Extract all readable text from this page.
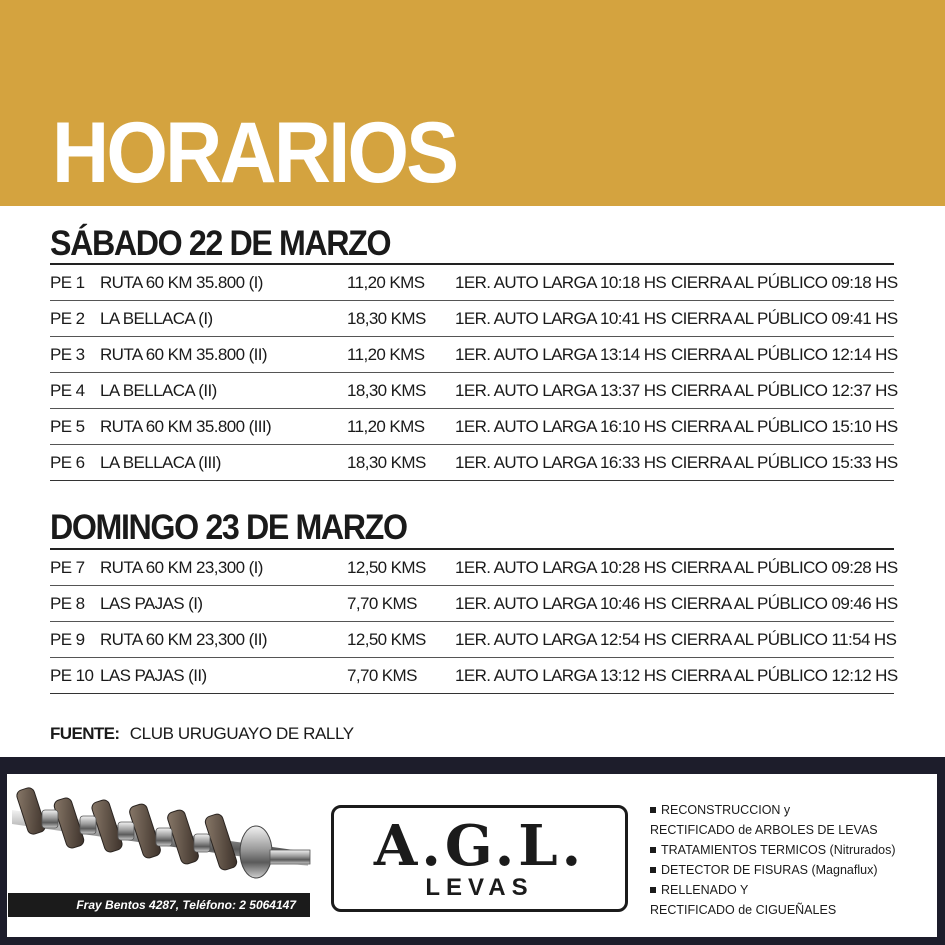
HORARIOS
SÁBADO 22 DE MARZO
PE 1 RUTA 60 KM 35.800 (I)	11,20 KMS 1ER. AUTO LARGA 10:18 HS CIERRA AL PÚBLICO 09:18 HS
PE 2 LA BELLACA (I)	18,30 KMS 1ER. AUTO LARGA 10:41 HS CIERRA AL PÚBLICO 09:41 HS
PE 3 RUTA 60 KM 35.800 (II)	11,20 KMS 1ER. AUTO LARGA 13:14 HS CIERRA AL PÚBLICO 12:14 HS
PE 4 LA BELLACA (II)	18,30 KMS 1ER. AUTO LARGA 13:37 HS CIERRA AL PÚBLICO 12:37 HS
PE 5 RUTA 60 KM 35.800 (III)	11,20 KMS 1ER. AUTO LARGA 16:10 HS CIERRA AL PÚBLICO 15:10 HS
PE 6 LA BELLACA (III)	18,30 KMS 1ER. AUTO LARGA 16:33 HS CIERRA AL PÚBLICO 15:33 HS
DOMINGO 23 DE MARZO
PE 7 RUTA 60 KM 23,300 (I)	12,50 KMS 1ER. AUTO LARGA 10:28 HS CIERRA AL PÚBLICO 09:28 HS
PE 8 LAS PAJAS (I)	7,70 KMS 1ER. AUTO LARGA 10:46 HS CIERRA AL PÚBLICO 09:46 HS
PE 9 RUTA 60 KM 23,300 (II)	12,50 KMS 1ER. AUTO LARGA 12:54 HS CIERRA AL PÚBLICO 11:54 HS
PE 10 LAS PAJAS (II)	7,70 KMS 1ER. AUTO LARGA 13:12 HS CIERRA AL PÚBLICO 12:12 HS
FUENTE: CLUB URUGUAYO DE RALLY
Fray Bentos 4287, Teléfono: 2 5064147
A.G.L.
LEVAS
RECONSTRUCCION y
RECTIFICADO de ARBOLES DE LEVAS
TRATAMIENTOS TERMICOS (Nitrurados)
DETECTOR DE FISURAS (Magnaflux)
RELLENADO Y
RECTIFICADO de CIGUEÑALES
